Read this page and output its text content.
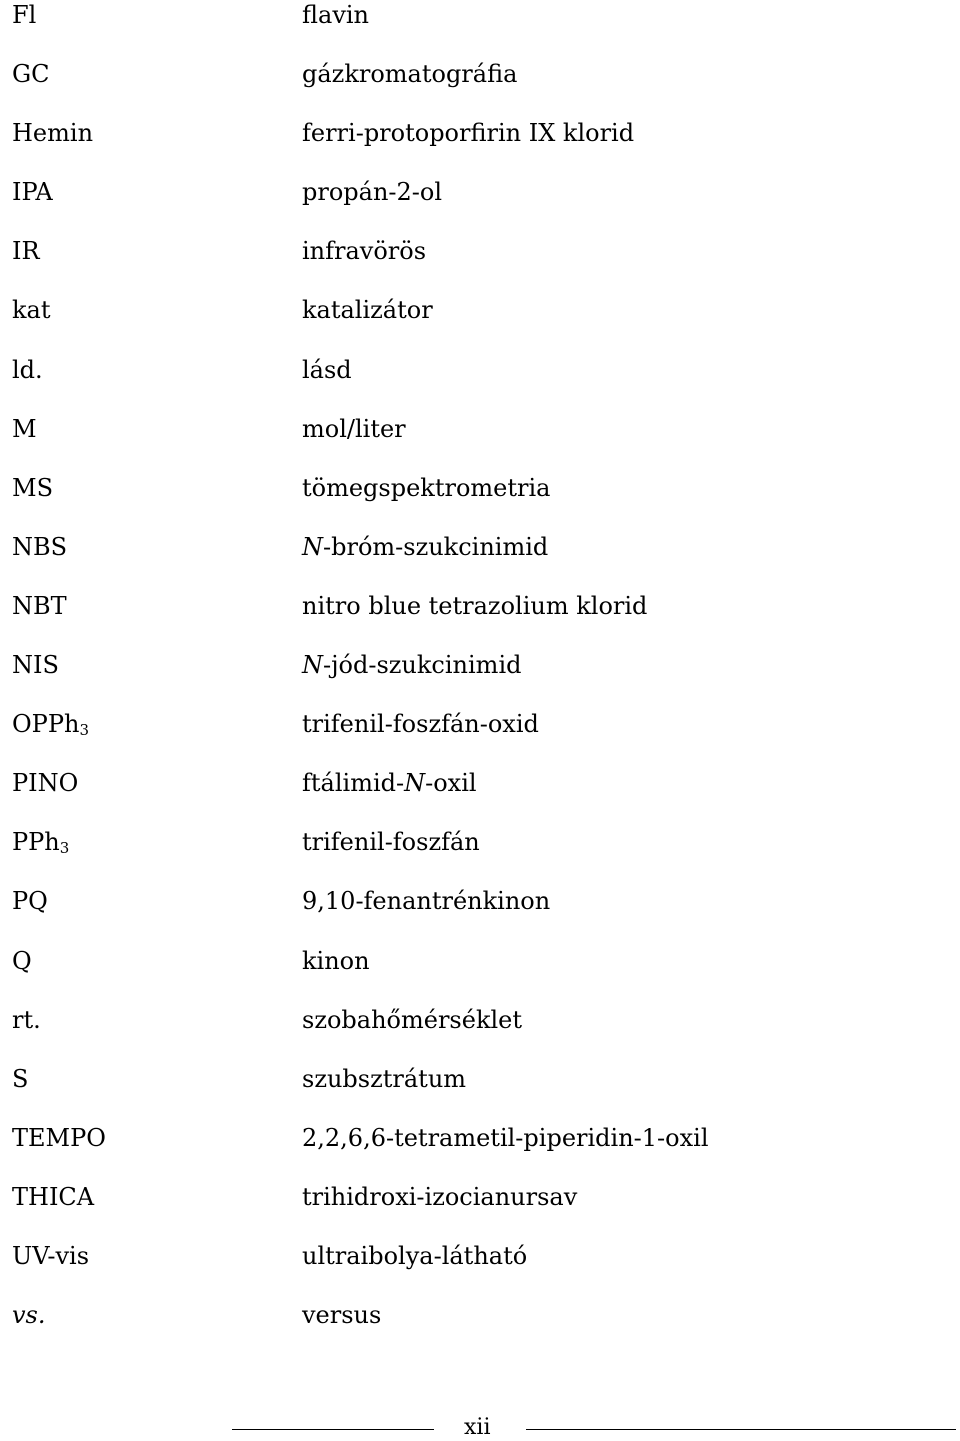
Fl	flavin
GC	gázkromatográfia
Hemin	ferri-protoporfirin IX klorid
IPA	propán-2-ol
IR	infravörös
kat	katalizátor
ld.	lásd
M	mol/liter
MS	tömegspektrometria
NBS	N-bróm-szukcinimid
NBT	nitro blue tetrazolium klorid
NIS	N-jód-szukcinimid
OPPh$_3$	trifenil-foszfán-oxid
PINO	ftálimid-N-oxil
PPh$_3$	trifenil-foszfán
PQ	9,10-fenantrénkinon
Q	kinon
rt.	szobahőmérséklet
S	szubsztrátum
TEMPO	2,2,6,6-tetrametil-piperidin-1-oxil
THICA	trihidroxi-izocianursav
UV-vis	ultraibolya-látható
vs.	versus
xii
